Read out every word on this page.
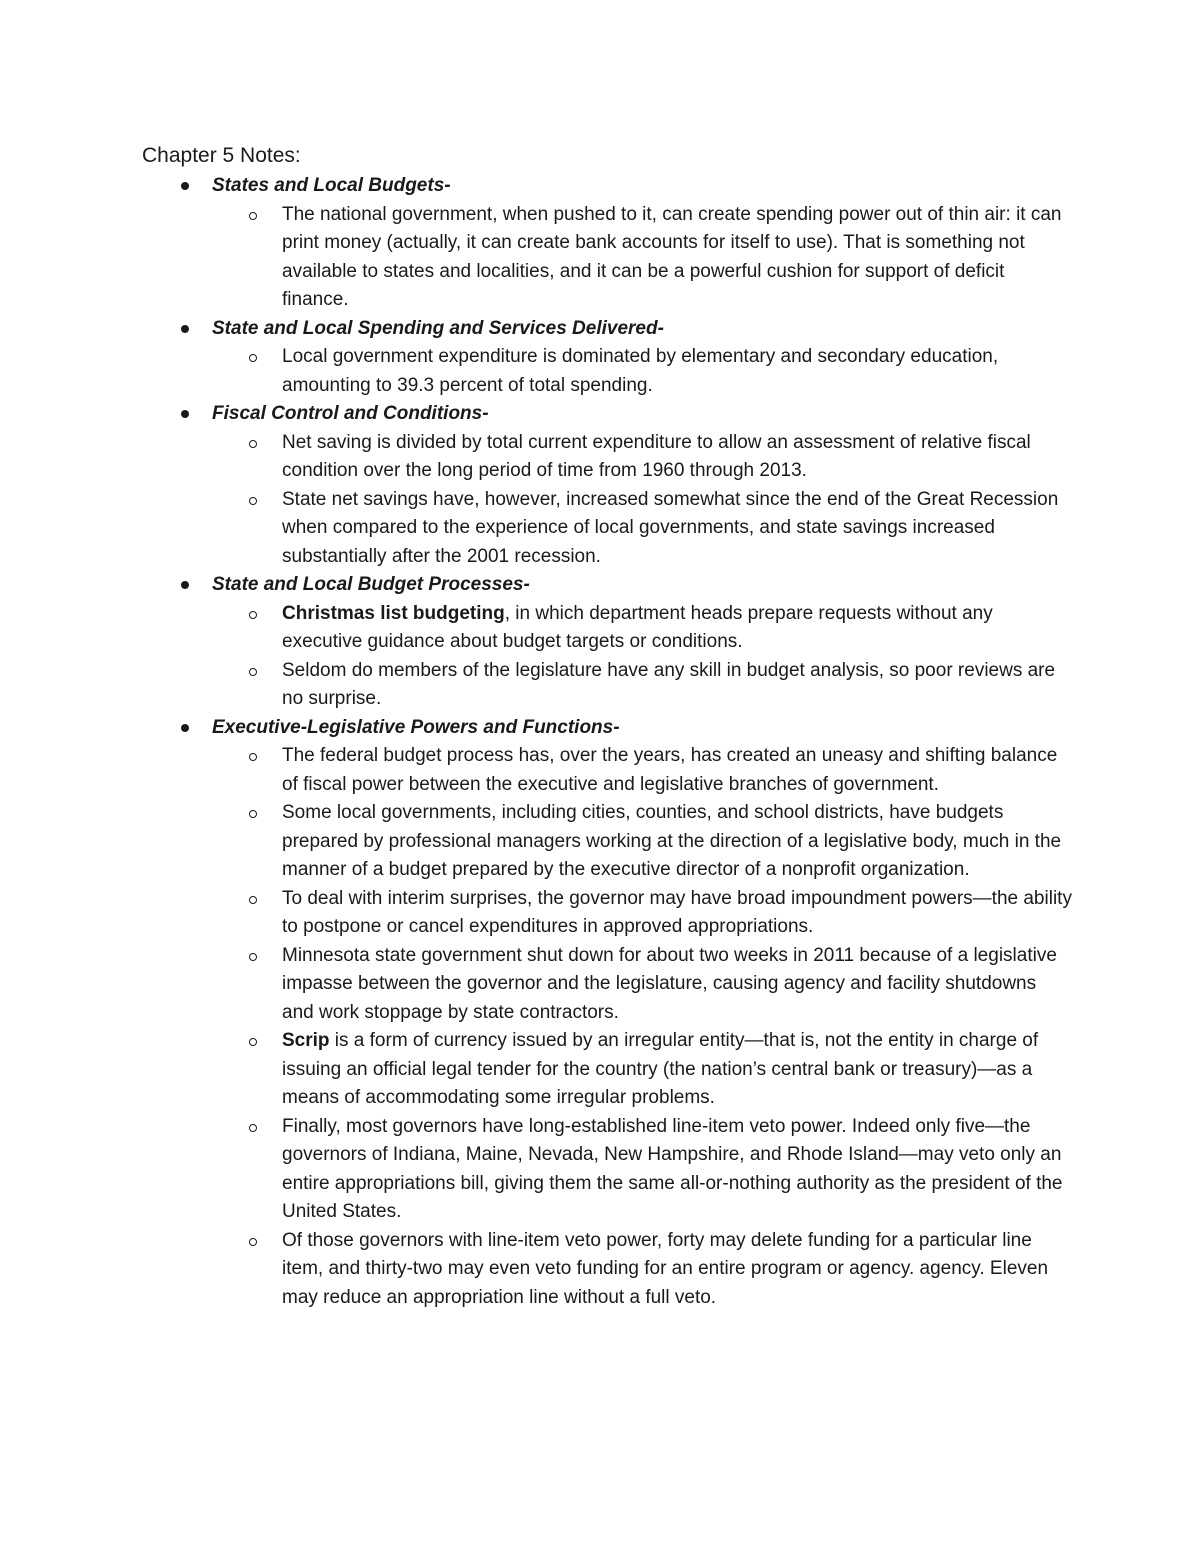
Chapter 5 Notes:
States and Local Budgets-
The national government, when pushed to it, can create spending power out of thin air: it can print money (actually, it can create bank accounts for itself to use). That is something not available to states and localities, and it can be a powerful cushion for support of deficit finance.
State and Local Spending and Services Delivered-
Local government expenditure is dominated by elementary and secondary education, amounting to 39.3 percent of total spending.
Fiscal Control and Conditions-
Net saving is divided by total current expenditure to allow an assessment of relative fiscal condition over the long period of time from 1960 through 2013.
State net savings have, however, increased somewhat since the end of the Great Recession when compared to the experience of local governments, and state savings increased substantially after the 2001 recession.
State and Local Budget Processes-
Christmas list budgeting, in which department heads prepare requests without any executive guidance about budget targets or conditions.
Seldom do members of the legislature have any skill in budget analysis, so poor reviews are no surprise.
Executive-Legislative Powers and Functions-
The federal budget process has, over the years, has created an uneasy and shifting balance of fiscal power between the executive and legislative branches of government.
Some local governments, including cities, counties, and school districts, have budgets prepared by professional managers working at the direction of a legislative body, much in the manner of a budget prepared by the executive director of a nonprofit organization.
To deal with interim surprises, the governor may have broad impoundment powers—the ability to postpone or cancel expenditures in approved appropriations.
Minnesota state government shut down for about two weeks in 2011 because of a legislative impasse between the governor and the legislature, causing agency and facility shutdowns and work stoppage by state contractors.
Scrip is a form of currency issued by an irregular entity—that is, not the entity in charge of issuing an official legal tender for the country (the nation’s central bank or treasury)—as a means of accommodating some irregular problems.
Finally, most governors have long-established line-item veto power. Indeed only five—the governors of Indiana, Maine, Nevada, New Hampshire, and Rhode Island—may veto only an entire appropriations bill, giving them the same all-or-nothing authority as the president of the United States.
Of those governors with line-item veto power, forty may delete funding for a particular line item, and thirty-two may even veto funding for an entire program or agency. agency. Eleven may reduce an appropriation line without a full veto.
